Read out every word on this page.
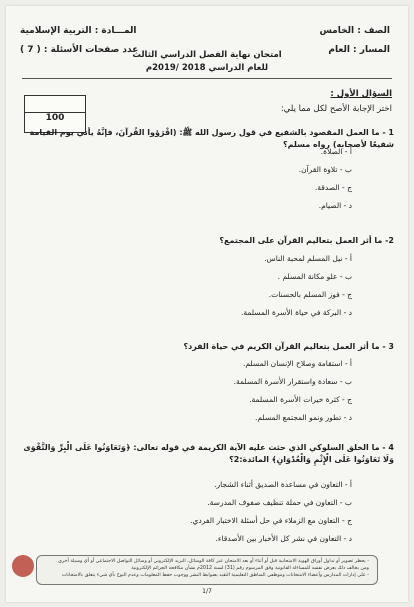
الصف : الخامس
المسار : العام
المـــادة : التربية الإسلامية
عدد صفحات الأسئلة : ( 7 )
امتحان نهاية الفصل الدراسي الثالث
للعام الدراسي 2018 /2019م
السؤال الأول :
اختر الإجابة الأصح لكل مما يلي:
100
1 - ما العمل المقصود بالشفيع في قول رسول الله ﷺ: (اقْرَؤوا القُرآنَ، فإنَّهُ يأتي يوم القيامة شفيعًا لأصحابه) رواه مسلم؟
أ - الصلاة.
ب - تلاوة القرآن.
ج - الصدقة.
د - الصيام.
2- ما أثر العمل بتعاليم القرآن على المجتمع؟
أ - نيل المسلم لمحبة الناس.
ب - علو مكانة المسلم .
ج - فوز المسلم بالحسنات.
د - البركة في حياة الأسرة المسلمة.
3 - ما أثر العمل بتعاليم القرآن الكريم في حياة الفرد؟
أ - استقامة وصلاح الإنسان المسلم.
ب - سعادة واستقرار الأسرة المسلمة.
ج - كثرة خيرات الأسرة المسلمة.
د - تطور ونمو المجتمع المسلم.
4 - ما الخلق السلوكي الذي حثت عليه الآية الكريمة في قوله تعالى: ﴿وَتَعَاوَنُوا عَلَى الْبِرِّ وَالتَّقْوَى وَلَا تَعَاوَنُوا عَلَى الْإِثْمِ وَالْعُدْوَانِ﴾ المائدة:2؟
أ - التعاون في مساعدة الصديق أثناء الشجار.
ب - التعاون في حملة تنظيف صفوف المدرسة.
ج - التعاون مع الزملاء في حل أسئلة الاختبار الفردي.
د - التعاون في نشر كل الأخبار بين الأصدقاء.
- يحظر تصوير أو تداول أوراق الهوية الامتحانية قبل أو أثناء أو بعد الامتحان عبر كافة الوسائل، البريد الإلكتروني أو وسائل التواصل الاجتماعي أو أي وسيلة أخرى
ومن يخالف ذلك يعرض نفسه للمساءلة القانونية وفق المرسوم رقم (31) لسنة 2012م بشأن مكافحة الجرائم الإلكترونية
- على إدارات المدارس وأعضاء الامتحانات وموظفي المناطق التعليمية التقيد بضوابط النشر ووجوب حفظ المعلومات وعدم البوح بأي شيء يتعلق بالامتحانات
1/7
